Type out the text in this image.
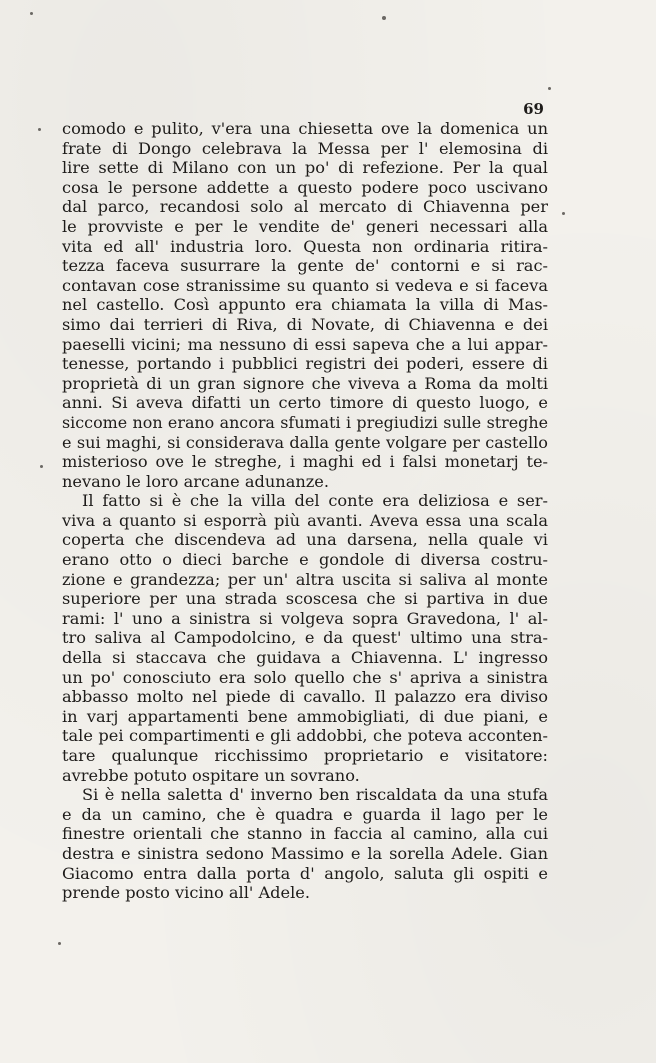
69
comodo e pulito, v'era una chiesetta ove la domenica un
frate di Dongo celebrava la Messa per l' elemosina di
lire sette di Milano con un po' di refezione. Per la qual
cosa le persone addette a questo podere poco uscivano
dal parco, recandosi solo al mercato di Chiavenna per
le provviste e per le vendite de' generi necessari alla
vita ed all' industria loro. Questa non ordinaria ritira-
tezza faceva susurrare la gente de' contorni e si rac-
contavan cose stranissime su quanto si vedeva e si faceva
nel castello. Così appunto era chiamata la villa di Mas-
simo dai terrieri di Riva, di Novate, di Chiavenna e dei
paeselli vicini; ma nessuno di essi sapeva che a lui appar-
tenesse, portando i pubblici registri dei poderi, essere di
proprietà di un gran signore che viveva a Roma da molti
anni. Si aveva difatti un certo timore di questo luogo, e
siccome non erano ancora sfumati i pregiudizi sulle streghe
e sui maghi, si considerava dalla gente volgare per castello
misterioso ove le streghe, i maghi ed i falsi monetarj te-
nevano le loro arcane adunanze.
Il fatto si è che la villa del conte era deliziosa e ser-
viva a quanto si esporrà più avanti. Aveva essa una scala
coperta che discendeva ad una darsena, nella quale vi
erano otto o dieci barche e gondole di diversa costru-
zione e grandezza; per un' altra uscita si saliva al monte
superiore per una strada scoscesa che si partiva in due
rami: l' uno a sinistra si volgeva sopra Gravedona, l' al-
tro saliva al Campodolcino, e da quest' ultimo una stra-
della si staccava che guidava a Chiavenna. L' ingresso
un po' conosciuto era solo quello che s' apriva a sinistra
abbasso molto nel piede di cavallo. Il palazzo era diviso
in varj appartamenti bene ammobigliati, di due piani, e
tale pei compartimenti e gli addobbi, che poteva acconten-
tare qualunque ricchissimo proprietario e visitatore:
avrebbe potuto ospitare un sovrano.
Si è nella saletta d' inverno ben riscaldata da una stufa
e da un camino, che è quadra e guarda il lago per le
finestre orientali che stanno in faccia al camino, alla cui
destra e sinistra sedono Massimo e la sorella Adele. Gian
Giacomo entra dalla porta d' angolo, saluta gli ospiti e
prende posto vicino all' Adele.
